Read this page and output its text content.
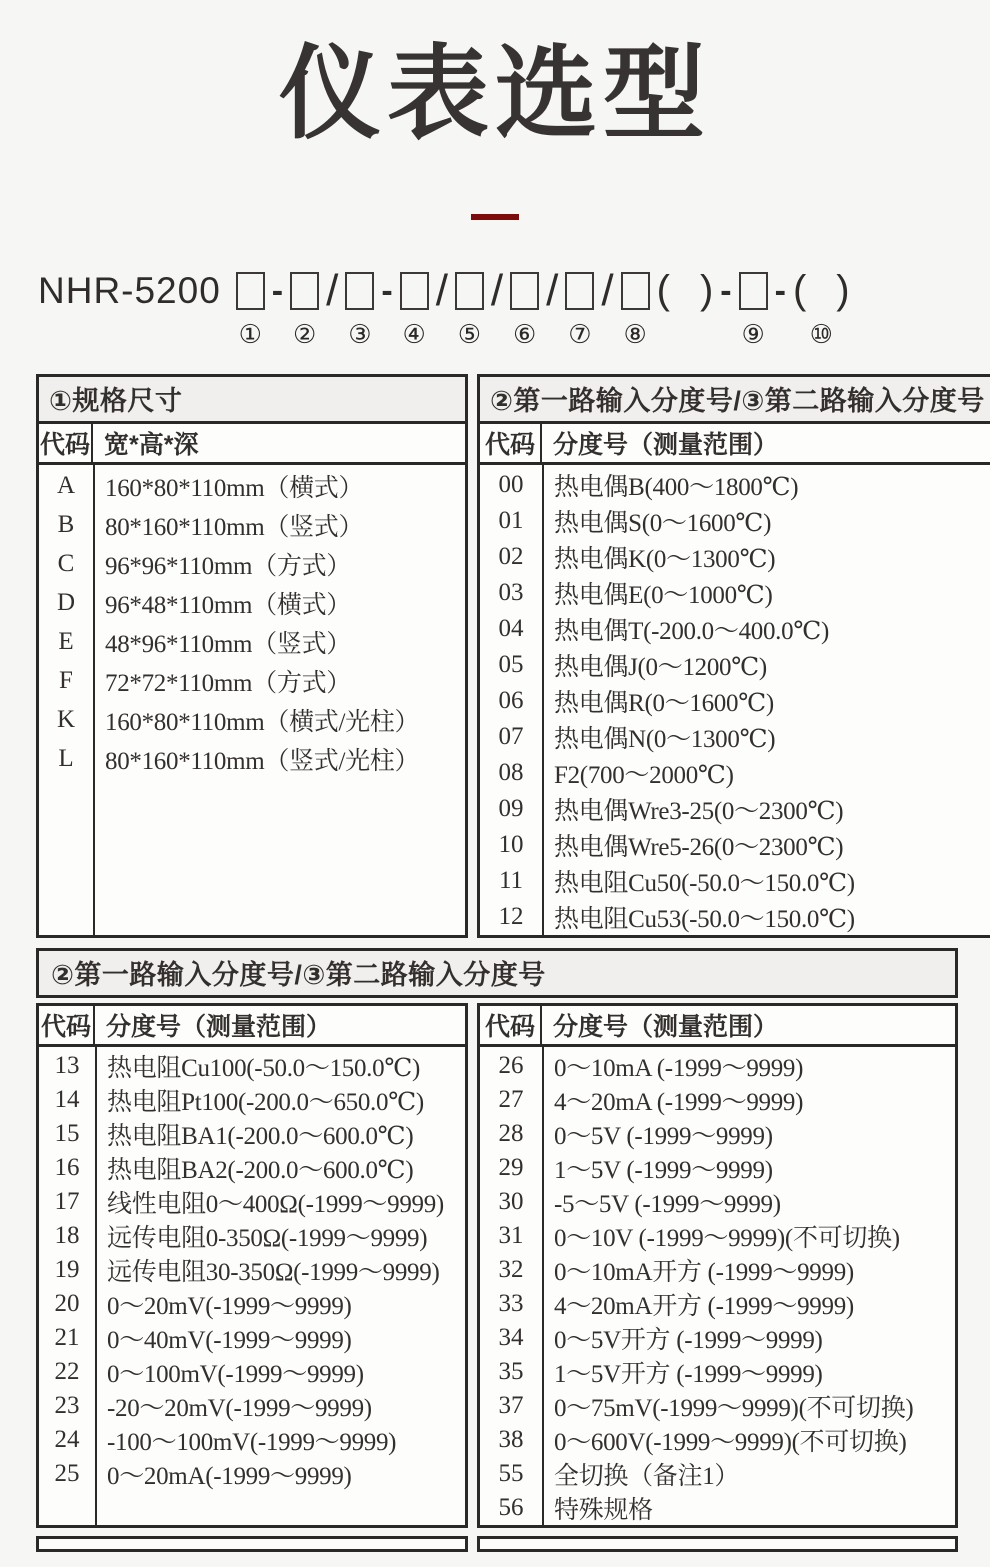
仪表选型
NHR-5200
①
-
②
/
③
-
④
/
⑤
/
⑥
/
⑦
/
⑧
( ) -
⑨
- ( )
⑩
①规格尺寸
代码 宽*高*深
A	160*80*110mm（横式）
B	80*160*110mm（竖式）
C	96*96*110mm（方式）
D	96*48*110mm（横式）
E	48*96*110mm（竖式）
F	72*72*110mm（方式）
K	160*80*110mm（横式/光柱）
L	80*160*110mm（竖式/光柱）
②第一路输入分度号/③第二路输入分度号
代码 分度号（测量范围）
00	热电偶B(400～1800℃)
01	热电偶S(0～1600℃)
02	热电偶K(0～1300℃)
03	热电偶E(0～1000℃)
04	热电偶T(-200.0～400.0℃)
05	热电偶J(0～1200℃)
06	热电偶R(0～1600℃)
07	热电偶N(0～1300℃)
08	F2(700～2000℃)
09	热电偶Wre3-25(0～2300℃)
10	热电偶Wre5-26(0～2300℃)
11	热电阻Cu50(-50.0～150.0℃)
12	热电阻Cu53(-50.0～150.0℃)
②第一路输入分度号/③第二路输入分度号
代码 分度号（测量范围）
13	热电阻Cu100(-50.0～150.0℃)
14	热电阻Pt100(-200.0～650.0℃)
15	热电阻BA1(-200.0～600.0℃)
16	热电阻BA2(-200.0～600.0℃)
17	线性电阻0～400Ω(-1999～9999)
18	远传电阻0-350Ω(-1999～9999)
19	远传电阻30-350Ω(-1999～9999)
20	0～20mV(-1999～9999)
21	0～40mV(-1999～9999)
22	0～100mV(-1999～9999)
23	-20～20mV(-1999～9999)
24	-100～100mV(-1999～9999)
25	0～20mA(-1999～9999)
代码 分度号（测量范围）
26	0～10mA (-1999～9999)
27	4～20mA (-1999～9999)
28	0～5V (-1999～9999)
29	1～5V (-1999～9999)
30	-5～5V (-1999～9999)
31	0～10V (-1999～9999)(不可切换)
32	0～10mA开方 (-1999～9999)
33	4～20mA开方 (-1999～9999)
34	0～5V开方 (-1999～9999)
35	1～5V开方 (-1999～9999)
37	0～75mV(-1999～9999)(不可切换)
38	0～600V(-1999～9999)(不可切换)
55	全切换（备注1）
56	特殊规格
